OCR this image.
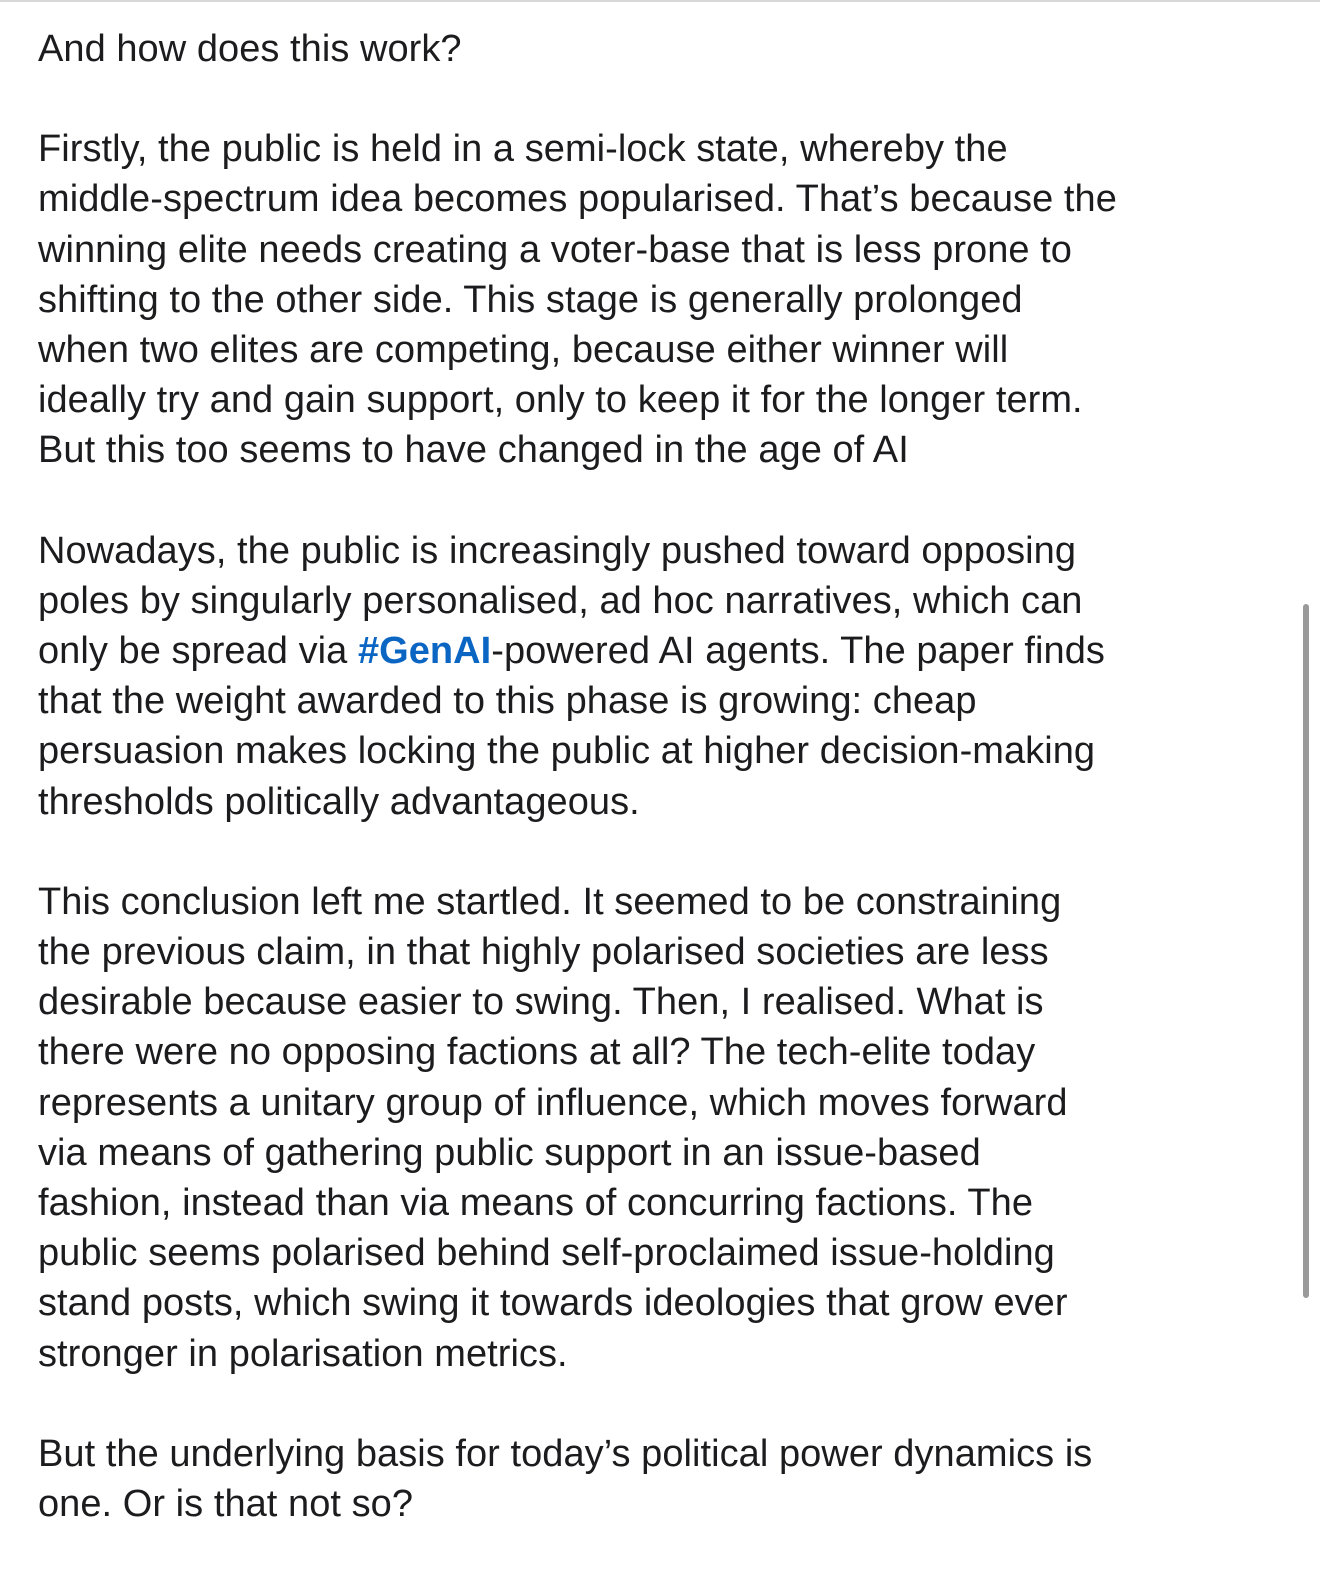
And how does this work?

Firstly, the public is held in a semi-lock state, whereby the
middle-spectrum idea becomes popularised. That’s because the
winning elite needs creating a voter-base that is less prone to
shifting to the other side. This stage is generally prolonged
when two elites are competing, because either winner will
ideally try and gain support, only to keep it for the longer term.
But this too seems to have changed in the age of AI

Nowadays, the public is increasingly pushed toward opposing
poles by singularly personalised, ad hoc narratives, which can
only be spread via #GenAI-powered AI agents. The paper finds
that the weight awarded to this phase is growing: cheap
persuasion makes locking the public at higher decision-making
thresholds politically advantageous.

This conclusion left me startled. It seemed to be constraining
the previous claim, in that highly polarised societies are less
desirable because easier to swing. Then, I realised. What is
there were no opposing factions at all? The tech-elite today
represents a unitary group of influence, which moves forward
via means of gathering public support in an issue-based
fashion, instead than via means of concurring factions. The
public seems polarised behind self-proclaimed issue-holding
stand posts, which swing it towards ideologies that grow ever
stronger in polarisation metrics.

But the underlying basis for today’s political power dynamics is
one. Or is that not so?
